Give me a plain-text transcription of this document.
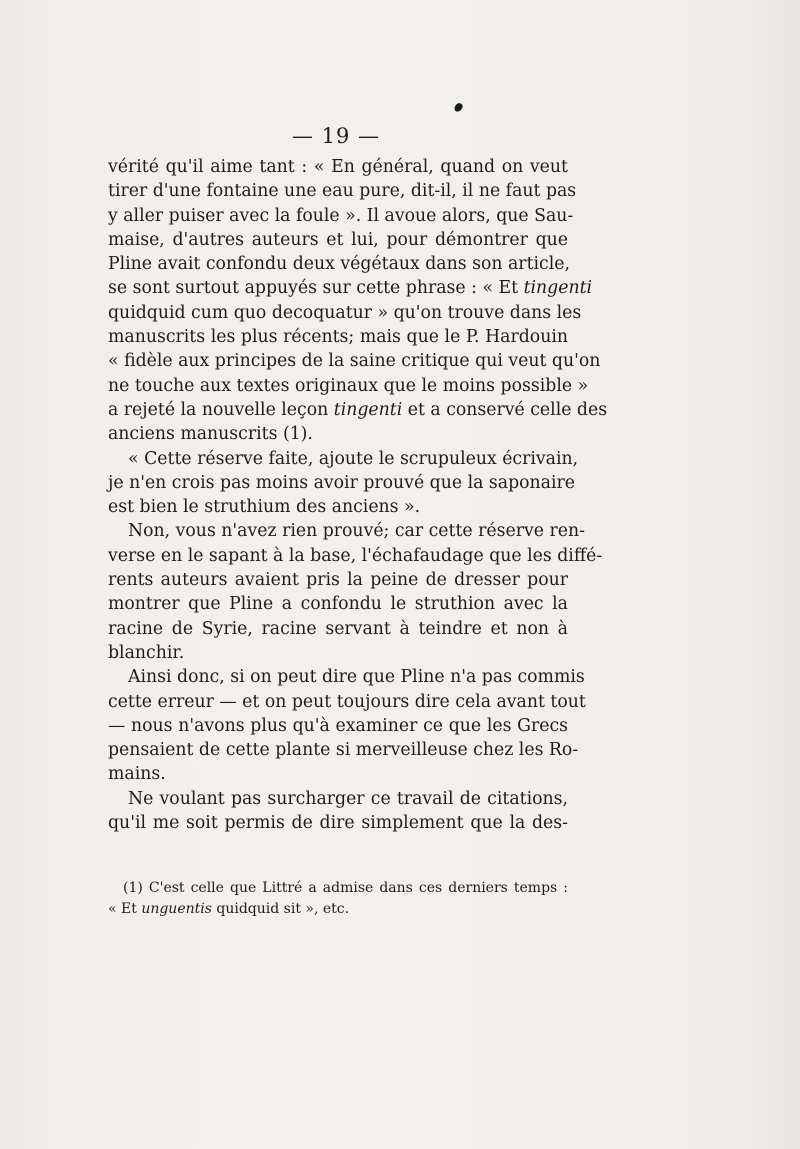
— 19 —
vérité qu'il aime tant : « En général, quand on veut
tirer d'une fontaine une eau pure, dit-il, il ne faut pas
y aller puiser avec la foule ». Il avoue alors, que Sau-
maise, d'autres auteurs et lui, pour démontrer que
Pline avait confondu deux végétaux dans son article,
se sont surtout appuyés sur cette phrase : « Et tingenti
quidquid cum quo decoquatur » qu'on trouve dans les
manuscrits les plus récents; mais que le P. Hardouin
« fidèle aux principes de la saine critique qui veut qu'on
ne touche aux textes originaux que le moins possible »
a rejeté la nouvelle leçon tingenti et a conservé celle des
anciens manuscrits (1).
« Cette réserve faite, ajoute le scrupuleux écrivain,
je n'en crois pas moins avoir prouvé que la saponaire
est bien le struthium des anciens ».
Non, vous n'avez rien prouvé; car cette réserve ren-
verse en le sapant à la base, l'échafaudage que les diffé-
rents auteurs avaient pris la peine de dresser pour
montrer que Pline a confondu le struthion avec la
racine de Syrie, racine servant à teindre et non à
blanchir.
Ainsi donc, si on peut dire que Pline n'a pas commis
cette erreur — et on peut toujours dire cela avant tout
— nous n'avons plus qu'à examiner ce que les Grecs
pensaient de cette plante si merveilleuse chez les Ro-
mains.
Ne voulant pas surcharger ce travail de citations,
qu'il me soit permis de dire simplement que la des-
(1) C'est celle que Littré a admise dans ces derniers temps :
« Et unguentis quidquid sit », etc.
